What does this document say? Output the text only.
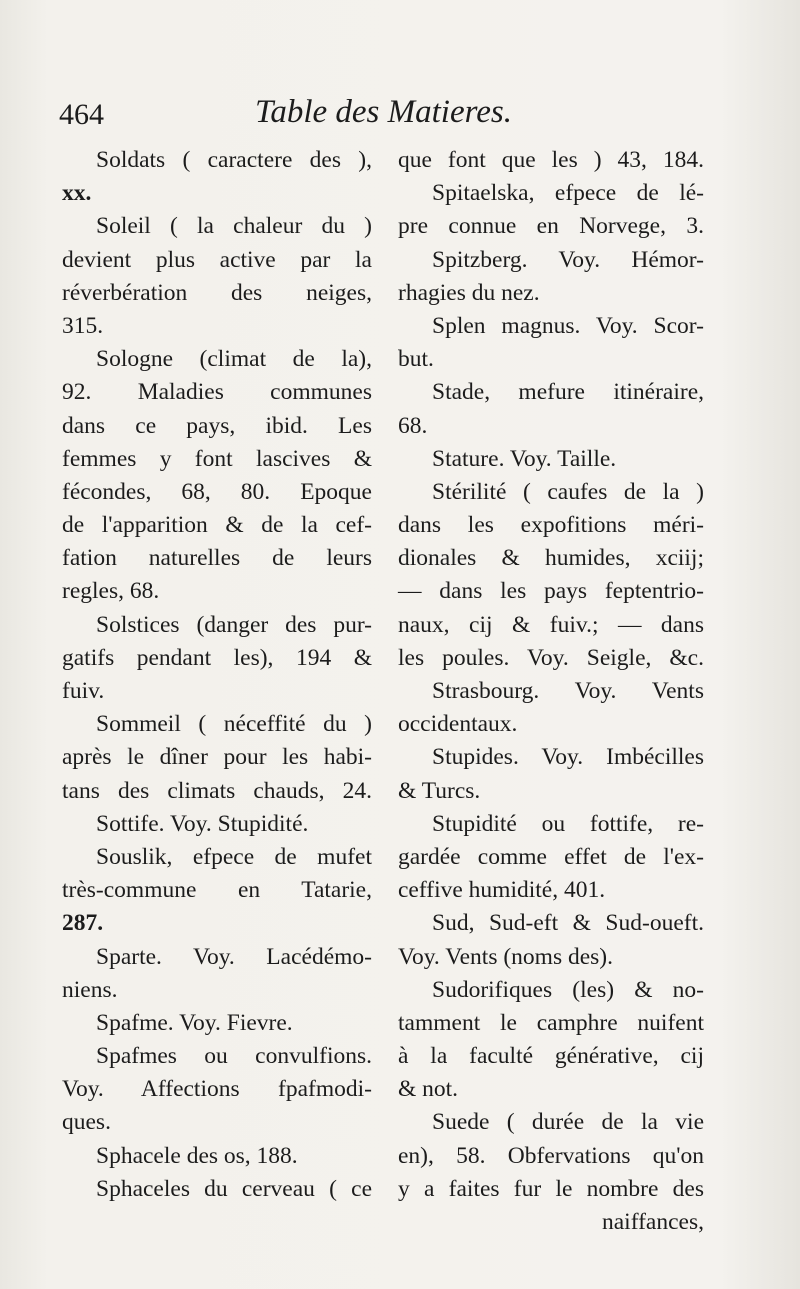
464	Table des Matieres.
Soldats ( caractere des ),
xx.
Soleil ( la chaleur du )
devient plus active par la
réverbération des neiges,
315.
Sologne (climat de la),
92. Maladies communes
dans ce pays, ibid. Les
femmes y font lascives &
fécondes, 68, 80. Epoque
de l'apparition & de la cef-
fation naturelles de leurs
regles, 68.
Solstices (danger des pur-
gatifs pendant les), 194 &
fuiv.
Sommeil ( néceffité du )
après le dîner pour les habi-
tans des climats chauds, 24.
Sottife. Voy. Stupidité.
Souslik, efpece de mufet
très-commune en Tatarie,
287.
Sparte. Voy. Lacédémo-
niens.
Spafme. Voy. Fievre.
Spafmes ou convulfions.
Voy. Affections fpafmodi-
ques.
Sphacele des os, 188.
Sphaceles du cerveau ( ce
que font que les ) 43, 184.
Spitaelska, efpece de lé-
pre connue en Norvege, 3.
Spitzberg. Voy. Hémor-
rhagies du nez.
Splen magnus. Voy. Scor-
but.
Stade, mefure itinéraire,
68.
Stature. Voy. Taille.
Stérilité ( caufes de la )
dans les expofitions méri-
dionales & humides, xciij;
— dans les pays feptentrio-
naux, cij & fuiv.; — dans
les poules. Voy. Seigle, &c.
Strasbourg. Voy. Vents
occidentaux.
Stupides. Voy. Imbécilles
& Turcs.
Stupidité ou fottife, re-
gardée comme effet de l'ex-
ceffive humidité, 401.
Sud, Sud-eft & Sud-oueft.
Voy. Vents (noms des).
Sudorifiques (les) & no-
tamment le camphre nuifent
à la faculté générative, cij
& not.
Suede ( durée de la vie
en), 58. Obfervations qu'on
y a faites fur le nombre des
naiffances,
